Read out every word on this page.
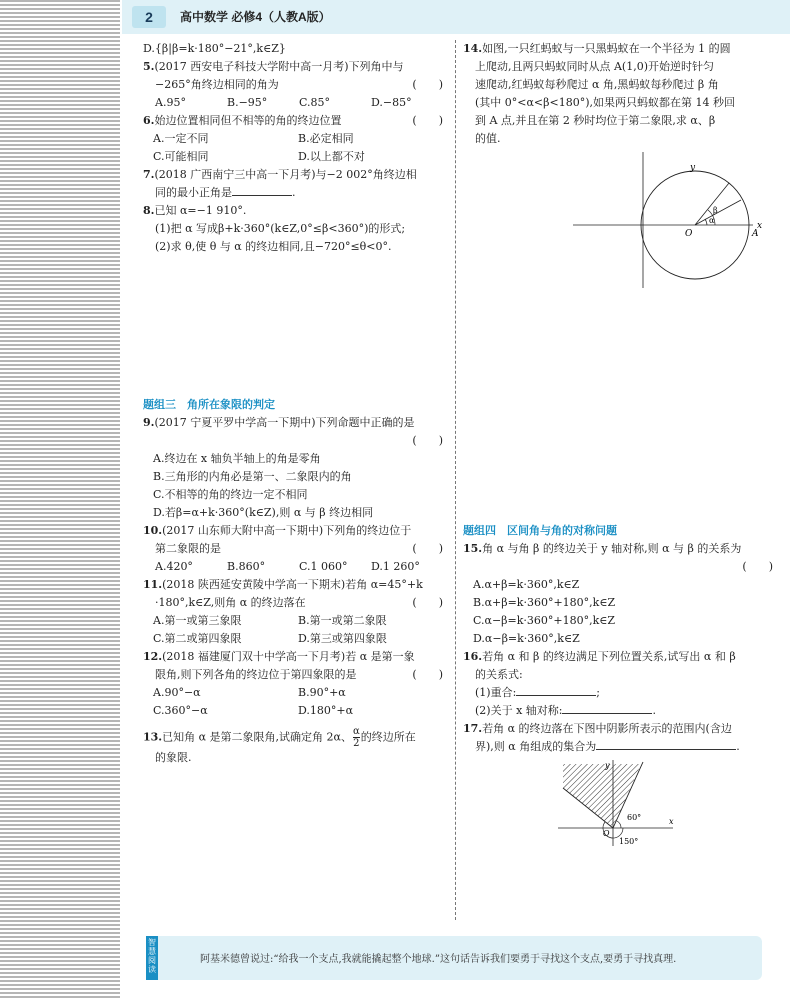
2	高中数学 必修4（人教A版）
D.{β|β=k·180°−21°,k∈Z}
5.(2017 西安电子科技大学附中高一月考)下列角中与
−265°角终边相同的角为	(　　)
A.95°	B.−95°	C.85°	D.−85°
6.始边位置相同但不相等的角的终边位置	(　　)
A.一定不同	B.必定相同
C.可能相同	D.以上都不对
7.(2018 广西南宁三中高一下月考)与−2 002°角终边相
同的最小正角是	.
8.已知 α=−1 910°.
(1)把 α 写成β+k·360°(k∈Z,0°≤β<360°)的形式;
(2)求 θ,使 θ 与 α 的终边相同,且−720°≤θ<0°.
题组三　角所在象限的判定
9.(2017 宁夏平罗中学高一下期中)下列命题中正确的是
(　　)

A.终边在 x 轴负半轴上的角是零角
B.三角形的内角必是第一、二象限内的角
C.不相等的角的终边一定不相同
D.若β=α+k·360°(k∈Z),则 α 与 β 终边相同
10.(2017 山东师大附中高一下期中)下列角的终边位于
第二象限的是	(　　)
A.420°	B.860°	C.1 060°	D.1 260°
11.(2018 陕西延安黄陵中学高一下期末)若角 α=45°+k
·180°,k∈Z,则角 α 的终边落在	(　　)
A.第一或第三象限	B.第一或第二象限
C.第二或第四象限	D.第三或第四象限
12.(2018 福建厦门双十中学高一下月考)若 α 是第一象
限角,则下列各角的终边位于第四象限的是	(　　)
A.90°−α	B.90°+α
C.360°−α	D.180°+α
13.已知角 α 是第二象限角,试确定角 2α、 $\frac{\alpha}{2}$ 的终边所在
的象限.
14.如图,一只红蚂蚁与一只黑蚂蚁在一个半径为 1 的圆
上爬动,且两只蚂蚁同时从点 A(1,0)开始逆时针匀
速爬动,红蚂蚁每秒爬过 α 角,黑蚂蚁每秒爬过 β 角
(其中 0°<α<β<180°),如果两只蚂蚁都在第 14 秒回
到 A 点,并且在第 2 秒时均位于第二象限,求 α、β
的值.
y
x
O	A
β
α
题组四　区间角与角的对称问题
15.角 α 与角 β 的终边关于 y 轴对称,则 α 与 β 的关系为
(　　)

A.α+β=k·360°,k∈Z
B.α+β=k·360°+180°,k∈Z
C.α−β=k·360°+180°,k∈Z
D.α−β=k·360°,k∈Z
16.若角 α 和 β 的终边满足下列位置关系,试写出 α 和 β
的关系式:
(1)重合:	;
(2)关于 x 轴对称:	.
17.若角 α 的终边落在下图中阴影所表示的范围内(含边
界),则 α 角组成的集合为	.
y
x
O
60°
150°
智慧阅读
阿基米德曾说过:“给我一个支点,我就能撬起整个地球.”这句话告诉我们要勇于寻找这个支点,要勇于寻找真理.
